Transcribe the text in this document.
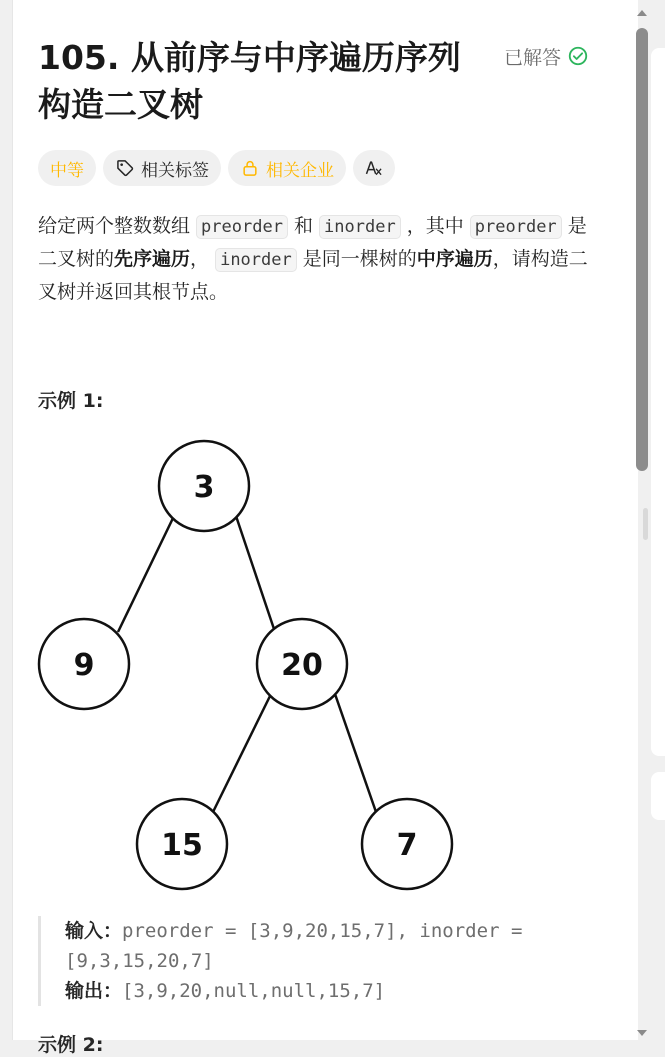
105. 从前序与中序遍历序列构造二叉树
已解答
中等	相关标签	相关企业
给定两个整数数组 preorder 和 inorder ，其中 preorder 是二叉树的先序遍历， inorder 是同一棵树的中序遍历，请构造二叉树并返回其根节点。
示例 1:
3
9	20
15	7
输入：preorder = [3,9,20,15,7], inorder = [9,3,15,20,7]
输出：[3,9,20,null,null,15,7]
示例 2:
